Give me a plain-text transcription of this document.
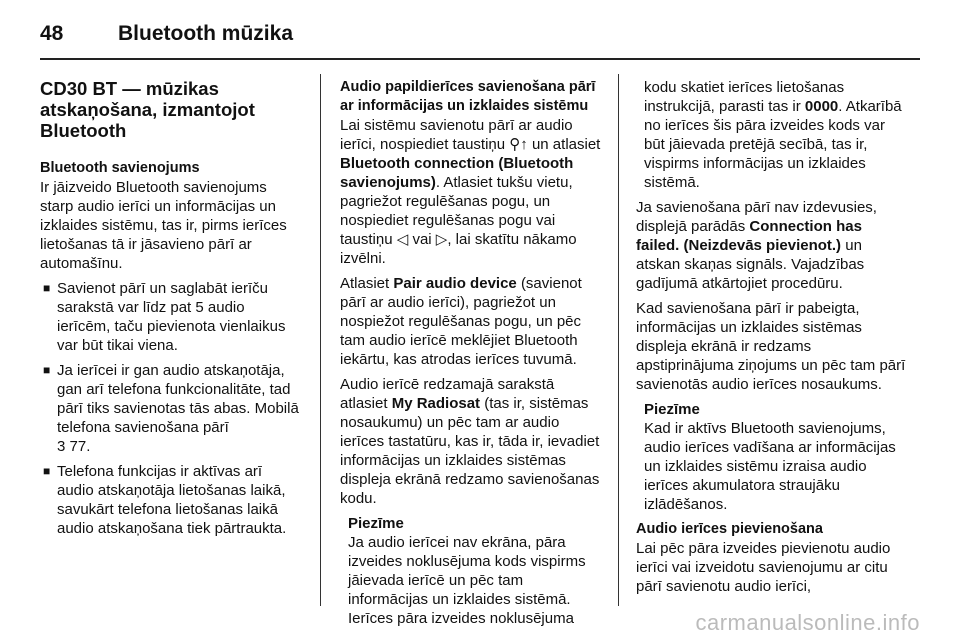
48	Bluetooth mūzika
CD30 BT — mūzikas atskaņošana, izmantojot Bluetooth
Bluetooth savienojums

Ir jāizveido Bluetooth savienojums starp audio ierīci un informācijas un izklaides sistēmu, tas ir, pirms ierīces lietošanas tā ir jāsavieno pārī ar automašīnu.

■ Savienot pārī un saglabāt ierīču sarakstā var līdz pat 5 audio ierīcēm, taču pievienota vienlaikus var būt tikai viena.
■ Ja ierīcei ir gan audio atskaņotāja, gan arī telefona funkcionalitāte, tad pārī tiks savienotas tās abas. Mobilā telefona savienošana pārī
3 77.
■ Telefona funkcijas ir aktīvas arī audio atskaņotāja lietošanas laikā, savukārt telefona lietošanas laikā audio atskaņošana tiek pārtraukta.
Audio papildierīces savienošana pārī ar informācijas un izklaides sistēmu

Lai sistēmu savienotu pārī ar audio ierīci, nospiediet taustiņu ⚲↑ un atlasiet Bluetooth connection (Bluetooth savienojums). Atlasiet tukšu vietu, pagriežot regulēšanas pogu, un nospiediet regulēšanas pogu vai taustiņu ◁ vai ▷, lai skatītu nākamo izvēlni.

Atlasiet Pair audio device (savienot pārī ar audio ierīci), pagriežot un nospiežot regulēšanas pogu, un pēc tam audio ierīcē meklējiet Bluetooth iekārtu, kas atrodas ierīces tuvumā.

Audio ierīcē redzamajā sarakstā atlasiet My Radiosat (tas ir, sistēmas nosaukumu) un pēc tam ar audio ierīces tastatūru, kas ir, tāda ir, ievadiet informācijas un izklaides sistēmas displeja ekrānā redzamo savienošanas kodu.

Piezīme
Ja audio ierīcei nav ekrāna, pāra izveides noklusējuma kods vispirms jāievada ierīcē un pēc tam informācijas un izklaides sistēmā. Ierīces pāra izveides noklusējuma
kodu skatiet ierīces lietošanas instrukcijā, parasti tas ir 0000. Atkarībā no ierīces šis pāra izveides kods var būt jāievada pretējā secībā, tas ir, vispirms informācijas un izklaides sistēmā.

Ja savienošana pārī nav izdevusies, displejā parādās Connection has failed. (Neizdevās pievienot.) un atskan skaņas signāls. Vajadzības gadījumā atkārtojiet procedūru.

Kad savienošana pārī ir pabeigta, informācijas un izklaides sistēmas displeja ekrānā ir redzams apstiprinājuma ziņojums un pēc tam pārī savienotās audio ierīces nosaukums.

Piezīme
Kad ir aktīvs Bluetooth savienojums, audio ierīces vadīšana ar informācijas un izklaides sistēmu izraisa audio ierīces akumulatora straujāku izlādēšanos.
Audio ierīces pievienošana

Lai pēc pāra izveides pievienotu audio ierīci vai izveidotu savienojumu ar citu pārī savienotu audio ierīci,

carmanualsonline.info
